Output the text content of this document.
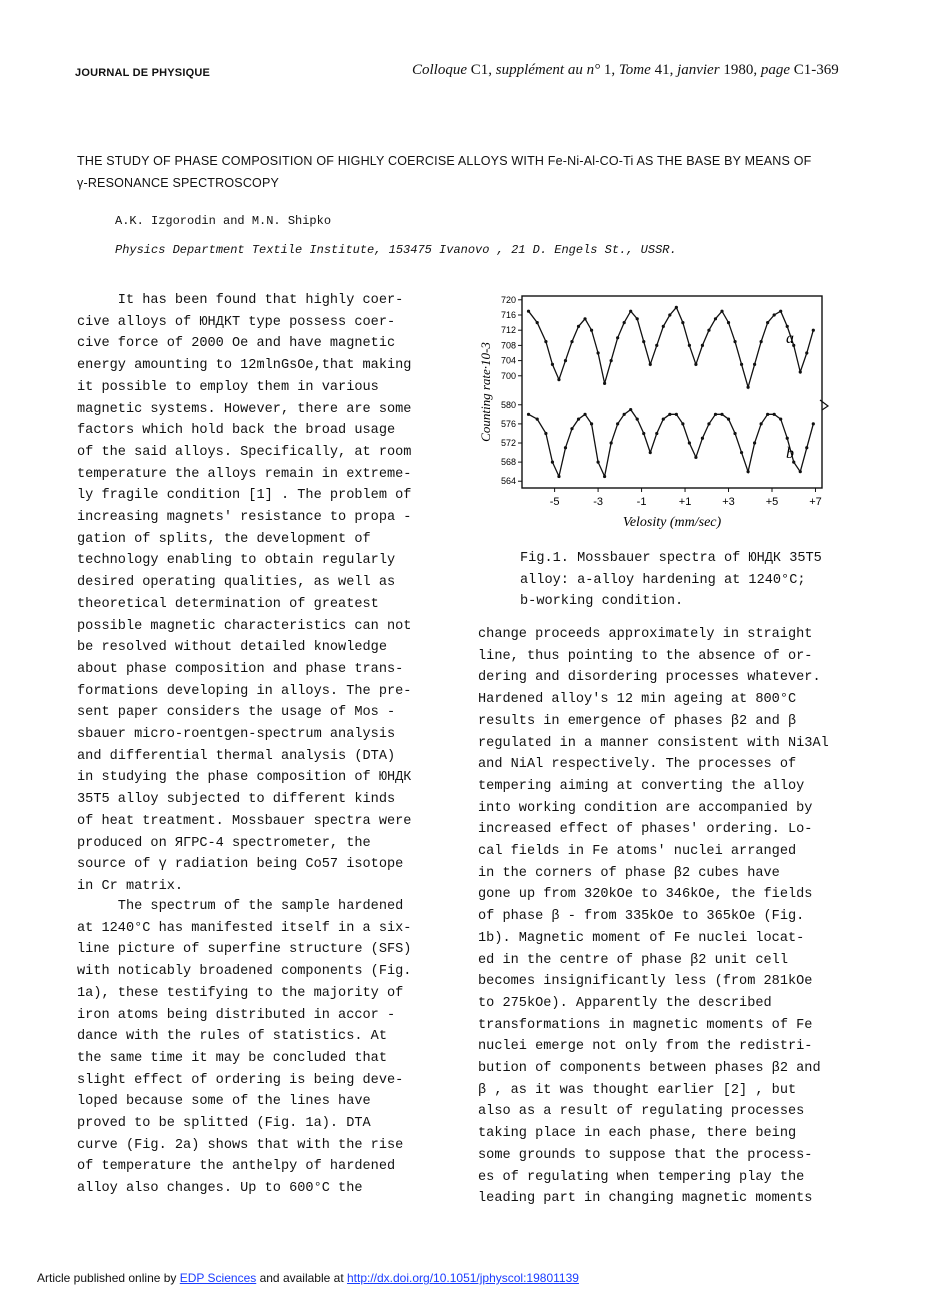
JOURNAL DE PHYSIQUE	Colloque C1, supplément au n° 1, Tome 41, janvier 1980, page C1-369
THE STUDY OF PHASE COMPOSITION OF HIGHLY COERCISE ALLOYS WITH Fe-Ni-Al-CO-Ti AS THE BASE BY MEANS OF γ-RESONANCE SPECTROSCOPY
A.K. Izgorodin and M.N. Shipko
Physics Department Textile Institute, 153475 Ivanovo , 21 D. Engels St., USSR.
It has been found that highly coer-
cive alloys of ЮНДКТ type possess coer-
cive force of 2000 Oe and have magnetic
energy amounting to 12mlnGsOe,that making
it possible to employ them in various
magnetic systems. However, there are some
factors which hold back the broad usage
of the said alloys. Specifically, at room
temperature the alloys remain in extreme-
ly fragile condition [1] . The problem of
increasing magnets' resistance to propa -
gation of splits, the development of
technology enabling to obtain regularly
desired operating qualities, as well as
theoretical determination of greatest
possible magnetic characteristics can not
be resolved without detailed knowledge
about phase composition and phase trans-
formations developing in alloys. The pre-
sent paper considers the usage of Mos -
sbauer micro-roentgen-spectrum analysis
and differential thermal analysis (DTA)
in studying the phase composition of ЮНДК
35T5 alloy subjected to different kinds
of heat treatment. Mossbauer spectra were
produced on ЯГРС-4 spectrometer, the
source of γ radiation being Co57 isotope
in Cr matrix.
The spectrum of the sample hardened
at 1240°C has manifested itself in a six-
line picture of superfine structure (SFS)
with noticably broadened components (Fig.
1a), these testifying to the majority of
iron atoms being distributed in accor -
dance with the rules of statistics. At
the same time it may be concluded that
slight effect of ordering is being deve-
loped because some of the lines have
proved to be splitted (Fig. 1a). DTA
curve (Fig. 2a) shows that with the rise
of temperature the anthelpy of hardened
alloy also changes. Up to 600°C the
720
716
712
708
704
700
580
576
572
568
564
-5	-3	-1	+1	+3	+5	+7
Velosity (mm/sec)
Counting rate·10-3
a
b
Fig.1. Mossbauer spectra of ЮНДК 35T5
alloy: a-alloy hardening at 1240°C;
b-working condition.
change proceeds approximately in straight
line, thus pointing to the absence of or-
dering and disordering processes whatever.
Hardened alloy's 12 min ageing at 800°C
results in emergence of phases β2 and β
regulated in a manner consistent with Ni3Al
and NiAl respectively. The processes of
tempering aiming at converting the alloy
into working condition are accompanied by
increased effect of phases' ordering. Lo-
cal fields in Fe atoms' nuclei arranged
in the corners of phase β2 cubes have
gone up from 320kOe to 346kOe, the fields
of phase β - from 335kOe to 365kOe (Fig.
1b). Magnetic moment of Fe nuclei locat-
ed in the centre of phase β2 unit cell
becomes insignificantly less (from 281kOe
to 275kOe). Apparently the described
transformations in magnetic moments of Fe
nuclei emerge not only from the redistri-
bution of components between phases β2 and
β , as it was thought earlier [2] , but
also as a result of regulating processes
taking place in each phase, there being
some grounds to suppose that the process-
es of regulating when tempering play the
leading part in changing magnetic moments
Article published online by EDP Sciences and available at http://dx.doi.org/10.1051/jphyscol:19801139
